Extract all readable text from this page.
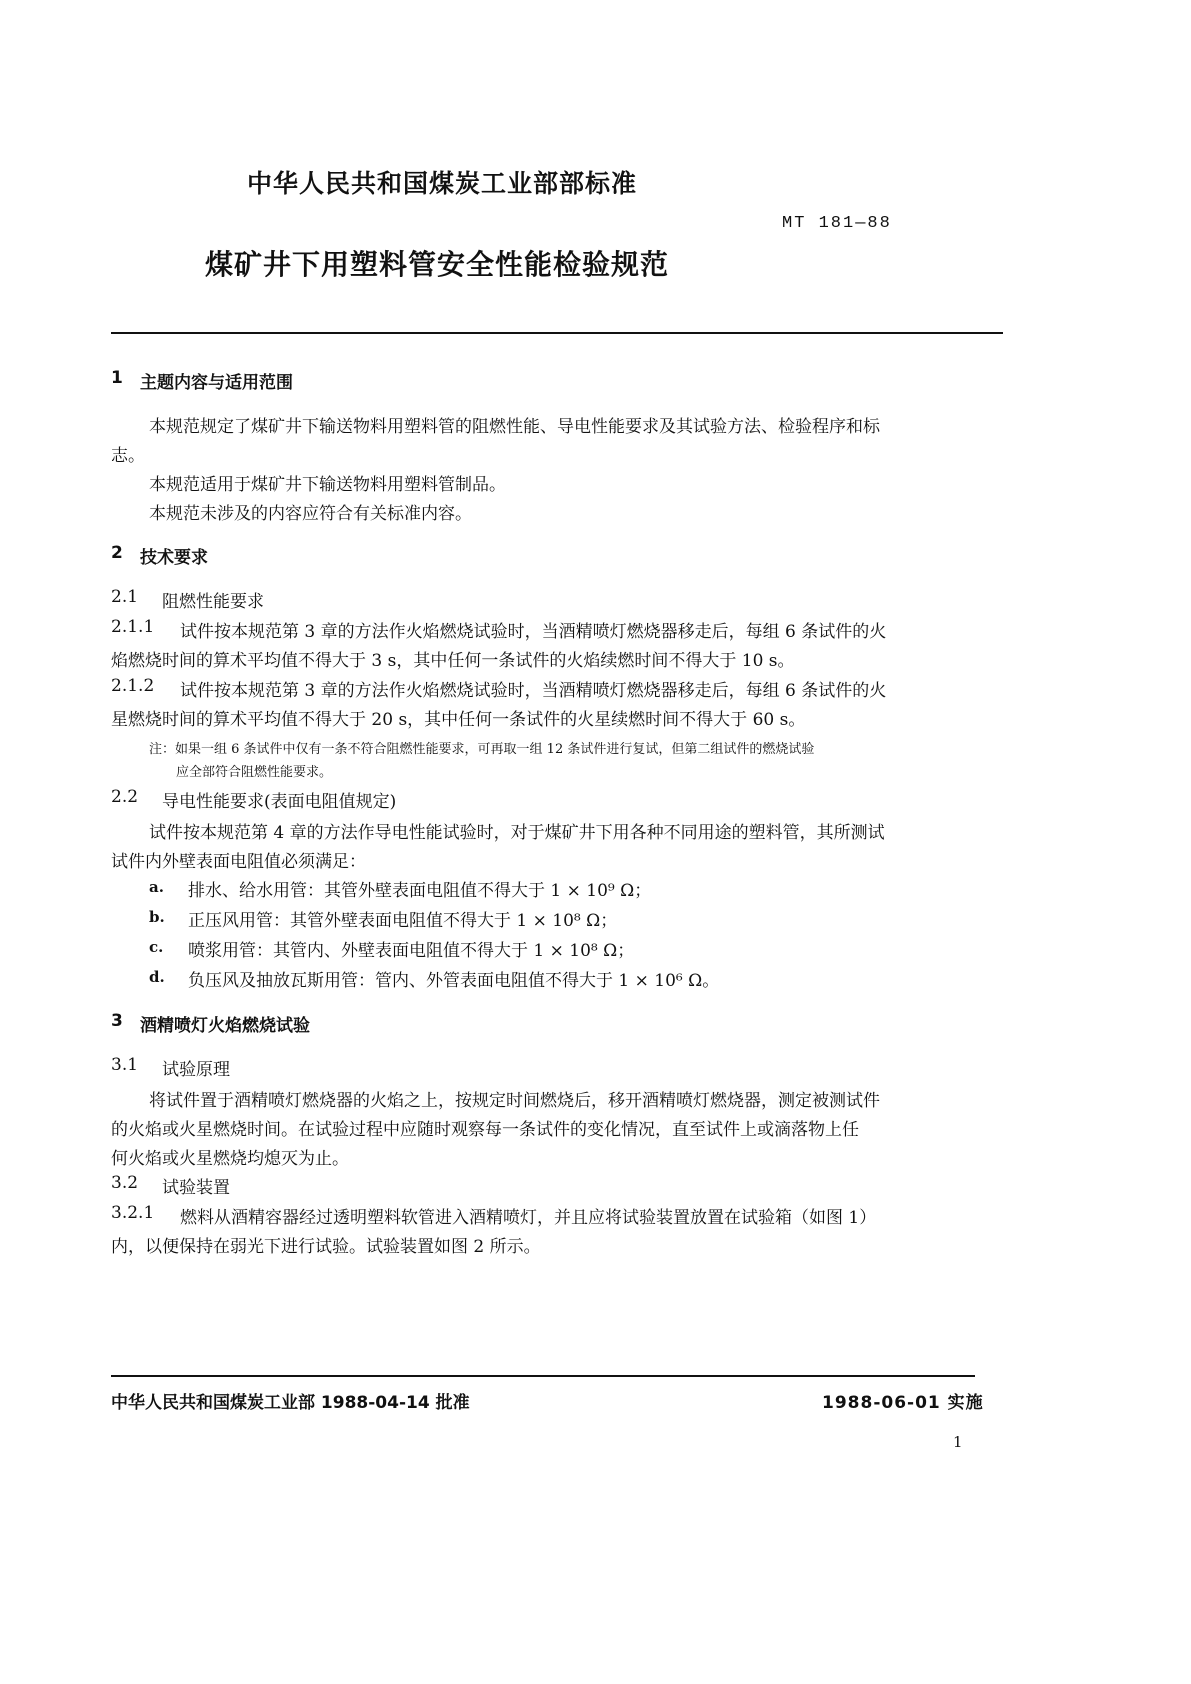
中华人民共和国煤炭工业部部标准
MT 181—88
煤矿井下用塑料管安全性能检验规范
1 主题内容与适用范围
本规范规定了煤矿井下输送物料用塑料管的阻燃性能、导电性能要求及其试验方法、检验程序和标
志。
本规范适用于煤矿井下输送物料用塑料管制品。
本规范未涉及的内容应符合有关标准内容。
2 技术要求
2.1 阻燃性能要求
2.1.1 试件按本规范第 3 章的方法作火焰燃烧试验时，当酒精喷灯燃烧器移走后，每组 6 条试件的火
焰燃烧时间的算术平均值不得大于 3 s，其中任何一条试件的火焰续燃时间不得大于 10 s。
2.1.2 试件按本规范第 3 章的方法作火焰燃烧试验时，当酒精喷灯燃烧器移走后，每组 6 条试件的火
星燃烧时间的算术平均值不得大于 20 s，其中任何一条试件的火星续燃时间不得大于 60 s。
注：如果一组 6 条试件中仅有一条不符合阻燃性能要求，可再取一组 12 条试件进行复试，但第二组试件的燃烧试验
应全部符合阻燃性能要求。
2.2 导电性能要求(表面电阻值规定)
试件按本规范第 4 章的方法作导电性能试验时，对于煤矿井下用各种不同用途的塑料管，其所测试
试件内外壁表面电阻值必须满足：
a. 排水、给水用管：其管外壁表面电阻值不得大于 1 × 10⁹ Ω；
b. 正压风用管：其管外壁表面电阻值不得大于 1 × 10⁸ Ω；
c. 喷浆用管：其管内、外壁表面电阻值不得大于 1 × 10⁸ Ω；
d. 负压风及抽放瓦斯用管：管内、外管表面电阻值不得大于 1 × 10⁶ Ω。
3 酒精喷灯火焰燃烧试验
3.1 试验原理
将试件置于酒精喷灯燃烧器的火焰之上，按规定时间燃烧后，移开酒精喷灯燃烧器，测定被测试件
的火焰或火星燃烧时间。在试验过程中应随时观察每一条试件的变化情况，直至试件上或滴落物上任
何火焰或火星燃烧均熄灭为止。
3.2 试验装置
3.2.1 燃料从酒精容器经过透明塑料软管进入酒精喷灯，并且应将试验装置放置在试验箱（如图 1）
内，以便保持在弱光下进行试验。试验装置如图 2 所示。
中华人民共和国煤炭工业部 1988-04-14 批准	1988-06-01 实施
1
